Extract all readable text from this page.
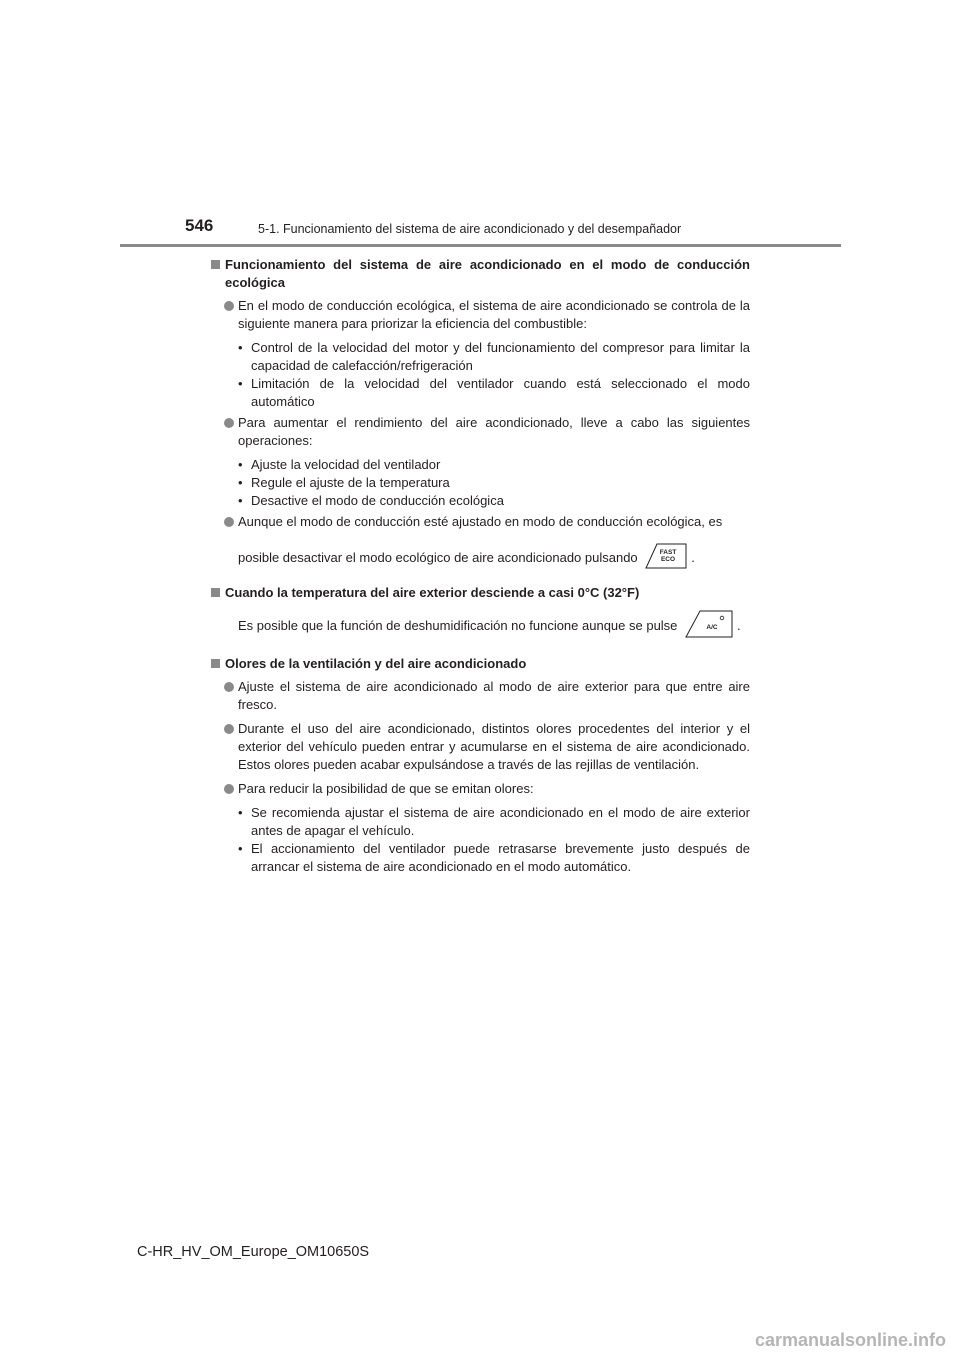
546	5-1. Funcionamiento del sistema de aire acondicionado y del desempañador
Funcionamiento del sistema de aire acondicionado en el modo de conducción ecológica
En el modo de conducción ecológica, el sistema de aire acondicionado se controla de la siguiente manera para priorizar la eficiencia del combustible:
• Control de la velocidad del motor y del funcionamiento del compresor para limitar la capacidad de calefacción/refrigeración
• Limitación de la velocidad del ventilador cuando está seleccionado el modo automático
Para aumentar el rendimiento del aire acondicionado, lleve a cabo las siguientes operaciones:
• Ajuste la velocidad del ventilador
• Regule el ajuste de la temperatura
• Desactive el modo de conducción ecológica
Aunque el modo de conducción esté ajustado en modo de conducción ecológica, es
posible desactivar el modo ecológico de aire acondicionado pulsando	FAST
ECO .
Cuando la temperatura del aire exterior desciende a casi 0°C (32°F)
Es posible que la función de deshumidificación no funcione aunque se pulse	A/C .
Olores de la ventilación y del aire acondicionado
Ajuste el sistema de aire acondicionado al modo de aire exterior para que entre aire fresco.
Durante el uso del aire acondicionado, distintos olores procedentes del interior y el exterior del vehículo pueden entrar y acumularse en el sistema de aire acondicionado. Estos olores pueden acabar expulsándose a través de las rejillas de ventilación.
Para reducir la posibilidad de que se emitan olores:
• Se recomienda ajustar el sistema de aire acondicionado en el modo de aire exterior antes de apagar el vehículo.
• El accionamiento del ventilador puede retrasarse brevemente justo después de arrancar el sistema de aire acondicionado en el modo automático.
C-HR_HV_OM_Europe_OM10650S
carmanualsonline.info
